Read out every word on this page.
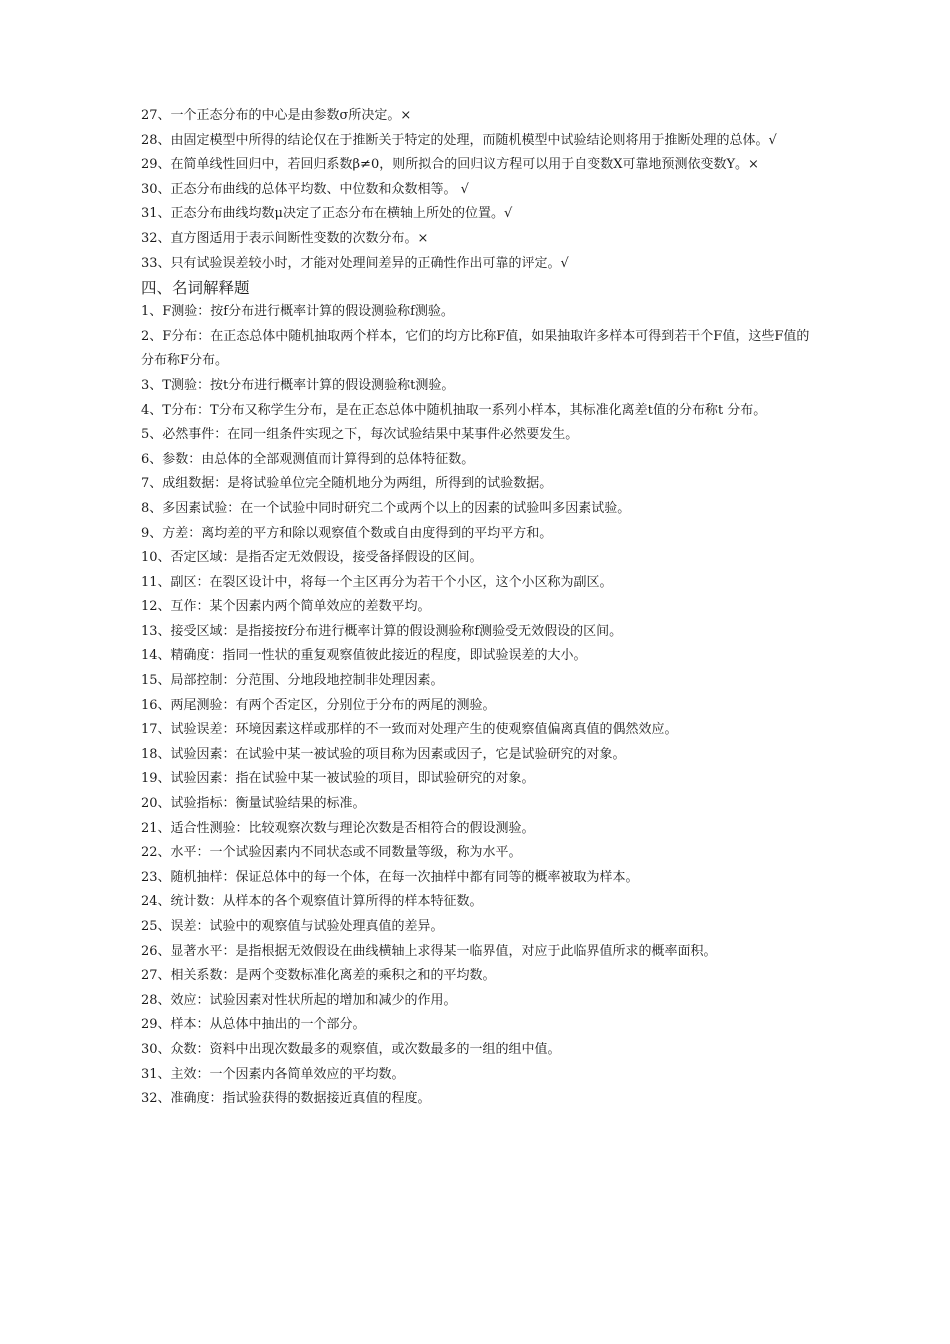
27、一个正态分布的中心是由参数σ所决定。×
28、由固定模型中所得的结论仅在于推断关于特定的处理，而随机模型中试验结论则将用于推断处理的总体。√
29、在简单线性回归中，若回归系数β≠0，则所拟合的回归议方程可以用于自变数X可靠地预测依变数Y。×
30、正态分布曲线的总体平均数、中位数和众数相等。 √
31、正态分布曲线均数μ决定了正态分布在横轴上所处的位置。√
32、直方图适用于表示间断性变数的次数分布。×
33、只有试验误差较小时，才能对处理间差异的正确性作出可靠的评定。√
四、名词解释题
1、F测验：按f分布进行概率计算的假设测验称f测验。
2、F分布：在正态总体中随机抽取两个样本，它们的均方比称F值，如果抽取许多样本可得到若干个F值，这些F值的分布称F分布。
3、T测验：按t分布进行概率计算的假设测验称t测验。
4、T分布：T分布又称学生分布，是在正态总体中随机抽取一系列小样本，其标准化离差t值的分布称t 分布。
5、必然事件：在同一组条件实现之下，每次试验结果中某事件必然要发生。
6、参数：由总体的全部观测值而计算得到的总体特征数。
7、成组数据：是将试验单位完全随机地分为两组，所得到的试验数据。
8、多因素试验：在一个试验中同时研究二个或两个以上的因素的试验叫多因素试验。
9、方差：离均差的平方和除以观察值个数或自由度得到的平均平方和。
10、否定区域：是指否定无效假设，接受备择假设的区间。
11、副区：在裂区设计中，将每一个主区再分为若干个小区，这个小区称为副区。
12、互作：某个因素内两个简单效应的差数平均。
13、接受区域：是指接按f分布进行概率计算的假设测验称f测验受无效假设的区间。
14、精确度：指同一性状的重复观察值彼此接近的程度，即试验误差的大小。
15、局部控制：分范围、分地段地控制非处理因素。
16、两尾测验：有两个否定区，分别位于分布的两尾的测验。
17、试验误差：环境因素这样或那样的不一致而对处理产生的使观察值偏离真值的偶然效应。
18、试验因素：在试验中某一被试验的项目称为因素或因子，它是试验研究的对象。
19、试验因素：指在试验中某一被试验的项目，即试验研究的对象。
20、试验指标：衡量试验结果的标准。
21、适合性测验：比较观察次数与理论次数是否相符合的假设测验。
22、水平：一个试验因素内不同状态或不同数量等级，称为水平。
23、随机抽样：保证总体中的每一个体，在每一次抽样中都有同等的概率被取为样本。
24、统计数：从样本的各个观察值计算所得的样本特征数。
25、误差：试验中的观察值与试验处理真值的差异。
26、显著水平：是指根据无效假设在曲线横轴上求得某一临界值，对应于此临界值所求的概率面积。
27、相关系数：是两个变数标准化离差的乘积之和的平均数。
28、效应：试验因素对性状所起的增加和减少的作用。
29、样本：从总体中抽出的一个部分。
30、众数：资料中出现次数最多的观察值，或次数最多的一组的组中值。
31、主效：一个因素内各简单效应的平均数。
32、准确度：指试验获得的数据接近真值的程度。
